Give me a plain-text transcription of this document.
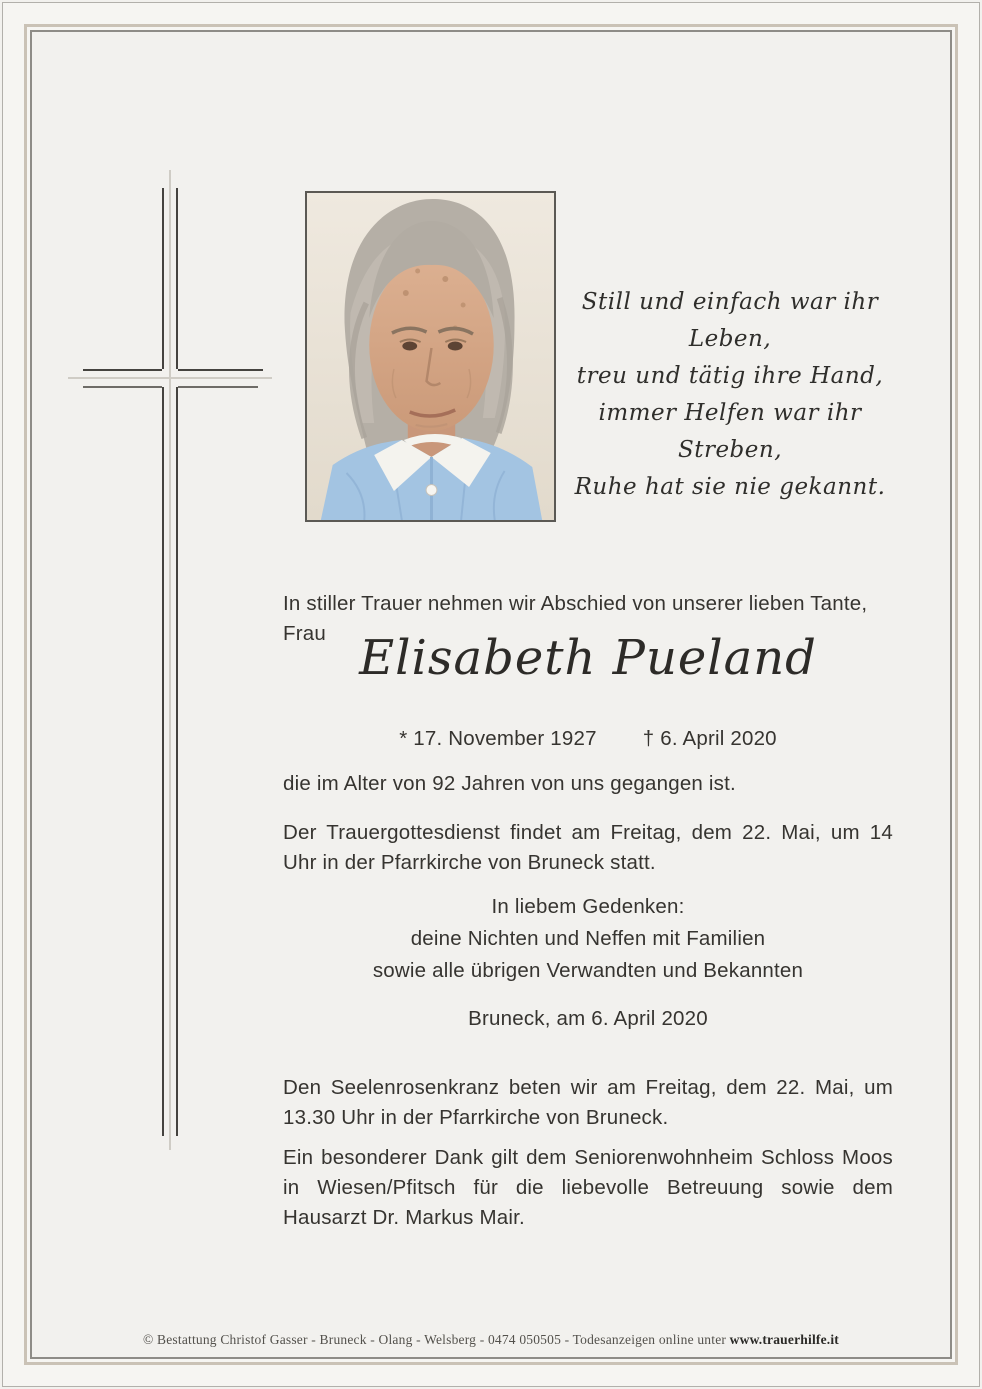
Still und einfach war ihr Leben,
treu und tätig ihre Hand,
immer Helfen war ihr Streben,
Ruhe hat sie nie gekannt.
In stiller Trauer nehmen wir Abschied von unserer lieben Tante, Frau Elisabeth Pueland
* 17. November 1927 † 6. April 2020
die im Alter von 92 Jahren von uns gegangen ist.
Der Trauergottesdienst findet am Freitag, dem 22. Mai, um 14 Uhr in der Pfarrkirche von Bruneck statt.
In liebem Gedenken:
deine Nichten und Neffen mit Familien
sowie alle übrigen Verwandten und Bekannten
Bruneck, am 6. April 2020
Den Seelenrosenkranz beten wir am Freitag, dem 22. Mai, um 13.30 Uhr in der Pfarrkirche von Bruneck.
Ein besonderer Dank gilt dem Seniorenwohnheim Schloss Moos in Wiesen/Pfitsch für die liebevolle Betreuung sowie dem Hausarzt Dr. Markus Mair.
© Bestattung Christof Gasser - Bruneck - Olang - Welsberg - 0474 050505 - Todesanzeigen online unter www.trauerhilfe.it
